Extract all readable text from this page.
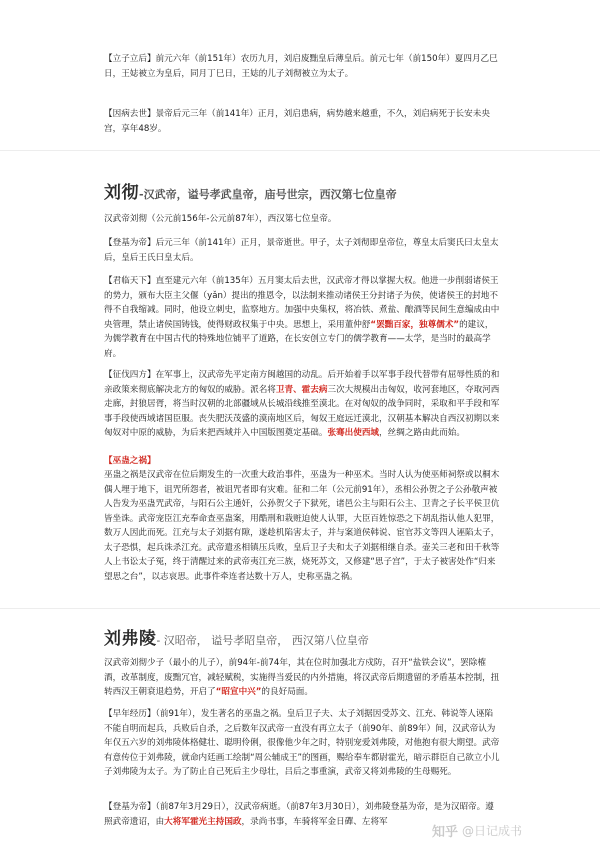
【立子立后】前元六年（前151年）农历九月，刘启废黜皇后薄皇后。前元七年（前150年）夏四月乙巳日，王娡被立为皇后，同月丁巳日，王娡的儿子刘彻被立为太子。

【因病去世】景帝后元三年（前141年）正月，刘启患病，病势越来越重，不久，刘启病死于长安未央宫，享年48岁。

刘彻-汉武帝，谥号孝武皇帝，庙号世宗，西汉第七位皇帝

汉武帝刘彻（公元前156年-公元前87年），西汉第七位皇帝。

【登基为帝】后元三年（前141年）正月，景帝逝世。甲子，太子刘彻即皇帝位，尊皇太后窦氏曰太皇太后，皇后王氏曰皇太后。

【君临天下】直至建元六年（前135年）五月窦太后去世，汉武帝才得以掌握大权。他进一步削弱诸侯王的势力，颁布大臣主父偃（yǎn）提出的推恩令，以法制来推动诸侯王分封诸子为侯，使诸侯王的封地不得不自我缩减。同时，他设立刺史，监察地方。加强中央集权，将冶铁、煮盐、酿酒等民间生意编成由中央管理，禁止诸侯国铸钱，使得财政权集于中央。思想上，采用董仲舒“罢黜百家，独尊儒术”的建议，为儒学教育在中国古代的特殊地位铺平了道路，在长安创立专门的儒学教育——太学，是当时的最高学府。

【征伐四方】在军事上，汉武帝先平定南方闽越国的动乱。后开始着手以军事手段代替带有屈辱性质的和亲政策来彻底解决北方的匈奴的威胁。派名将卫青、霍去病三次大规模出击匈奴，收河套地区，夺取河西走廊，封狼居胥，将当时汉朝的北部疆域从长城沿线推至漠北。在对匈奴的战争同时，采取和平手段和军事手段使西域诸国臣服。丧失肥沃茂盛的漠南地区后，匈奴王庭远迁漠北，汉朝基本解决自西汉初期以来匈奴对中原的威胁，为后来把西域并入中国版图奠定基础。张骞出使西域，丝绸之路由此而始。

【巫蛊之祸】

巫蛊之祸是汉武帝在位后期发生的一次重大政治事件，巫蛊为一种巫术。当时人认为使巫师祠祭或以桐木偶人埋于地下，诅咒所怨者，被诅咒者即有灾难。征和二年（公元前91年），丞相公孙贺之子公孙敬声被人告发为巫蛊咒武帝，与阳石公主通奸，公孙贺父子下狱死，诸邑公主与阳石公主、卫青之子长平侯卫伉皆坐诛。武帝宠臣江充奉命查巫蛊案，用酷刑和栽赃迫使人认罪，大臣百姓惊恐之下胡乱指认他人犯罪，数万人因此而死。江充与太子刘据有隙，遂趁机陷害太子，并与案道侯韩说、宦官苏文等四人诬陷太子，太子恐惧，起兵诛杀江充。武帝遣丞相镇压兵败，皇后卫子夫和太子刘据相继自杀。壶关三老和田千秋等人上书讼太子冤，终于清醒过来的武帝夷江充三族，烧死苏文，又修建“思子宫”，于太子被害处作“归来望思之台”，以志哀思。此事件牵连者达数十万人，史称巫蛊之祸。

刘弗陵- 汉昭帝， 谥号孝昭皇帝， 西汉第八位皇帝

汉武帝刘彻少子（最小的儿子），前94年-前74年，其在位时加强北方戍防，召开“盐铁会议”，罢除榷酒，改革制度，废黜冗官，减轻赋税，实施得当爱民的内外措施，将汉武帝后期遗留的矛盾基本控制，扭转西汉王朝衰退趋势，开启了“昭宣中兴”的良好局面。

【早年经历】（前91年），发生著名的巫蛊之祸。皇后卫子夫、太子刘据因受苏文、江充、韩说等人诬陷不能自明而起兵，兵败后自杀，之后数年汉武帝一直没有再立太子（前90年、前89年）间，汉武帝认为年仅五六岁的刘弗陵体格健壮、聪明伶俐，很像他少年之时，特别宠爱刘弗陵，对他抱有很大期望。武帝有意传位于刘弗陵，就命内廷画工绘制“周公辅成王”的图画，赐给奉车都尉霍光，暗示群臣自己欲立小儿子刘弗陵为太子。为了防止自己死后主少母壮，吕后之事重演，武帝又将刘弗陵的生母赐死。

【登基为帝】（前87年3月29日），汉武帝病逝。（前87年3月30日），刘弗陵登基为帝，是为汉昭帝。遵照武帝遗诏，由大将军霍光主持国政，录尚书事，车骑将军金日磾、左将军

知乎 @日记成书
